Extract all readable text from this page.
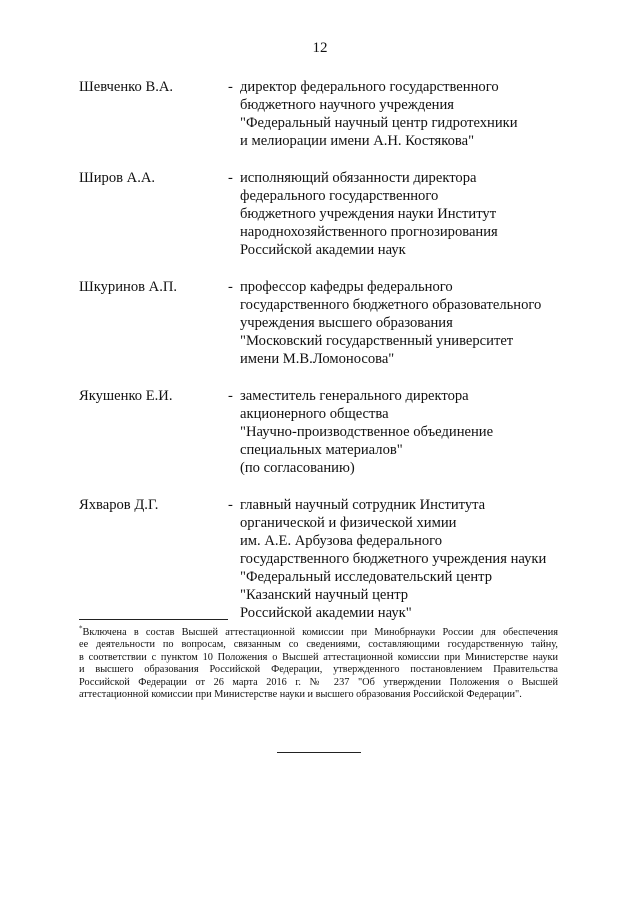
12
Шевченко В.А.	- директор федерального государственного
бюджетного научного учреждения
"Федеральный научный центр гидротехники
и мелиорации имени А.Н. Костякова"
Широв А.А.	- исполняющий обязанности директора
федерального государственного
бюджетного учреждения науки Институт
народнохозяйственного прогнозирования
Российской академии наук
Шкуринов А.П.	- профессор кафедры федерального
государственного бюджетного образовательного
учреждения высшего образования
"Московский государственный университет
имени М.В.Ломоносова"
Якушенко Е.И.	- заместитель генерального директора
акционерного общества
"Научно-производственное объединение
специальных материалов"
(по согласованию)
Яхваров Д.Г.	- главный научный сотрудник Института
органической и физической химии
им. А.Е. Арбузова федерального
государственного бюджетного учреждения науки
"Федеральный исследовательский центр
"Казанский научный центр
Российской академии наук"
*Включена в состав Высшей аттестационной комиссии при Минобрнауки России для обеспечения
ее деятельности по вопросам, связанным со сведениями, составляющими государственную тайну,
в соответствии с пунктом 10 Положения о Высшей аттестационной комиссии при Министерстве науки
и высшего образования Российской Федерации, утвержденного постановлением Правительства
Российской Федерации от 26 марта 2016 г. № 237 "Об утверждении Положения о Высшей
аттестационной комиссии при Министерстве науки и высшего образования Российской Федерации".
